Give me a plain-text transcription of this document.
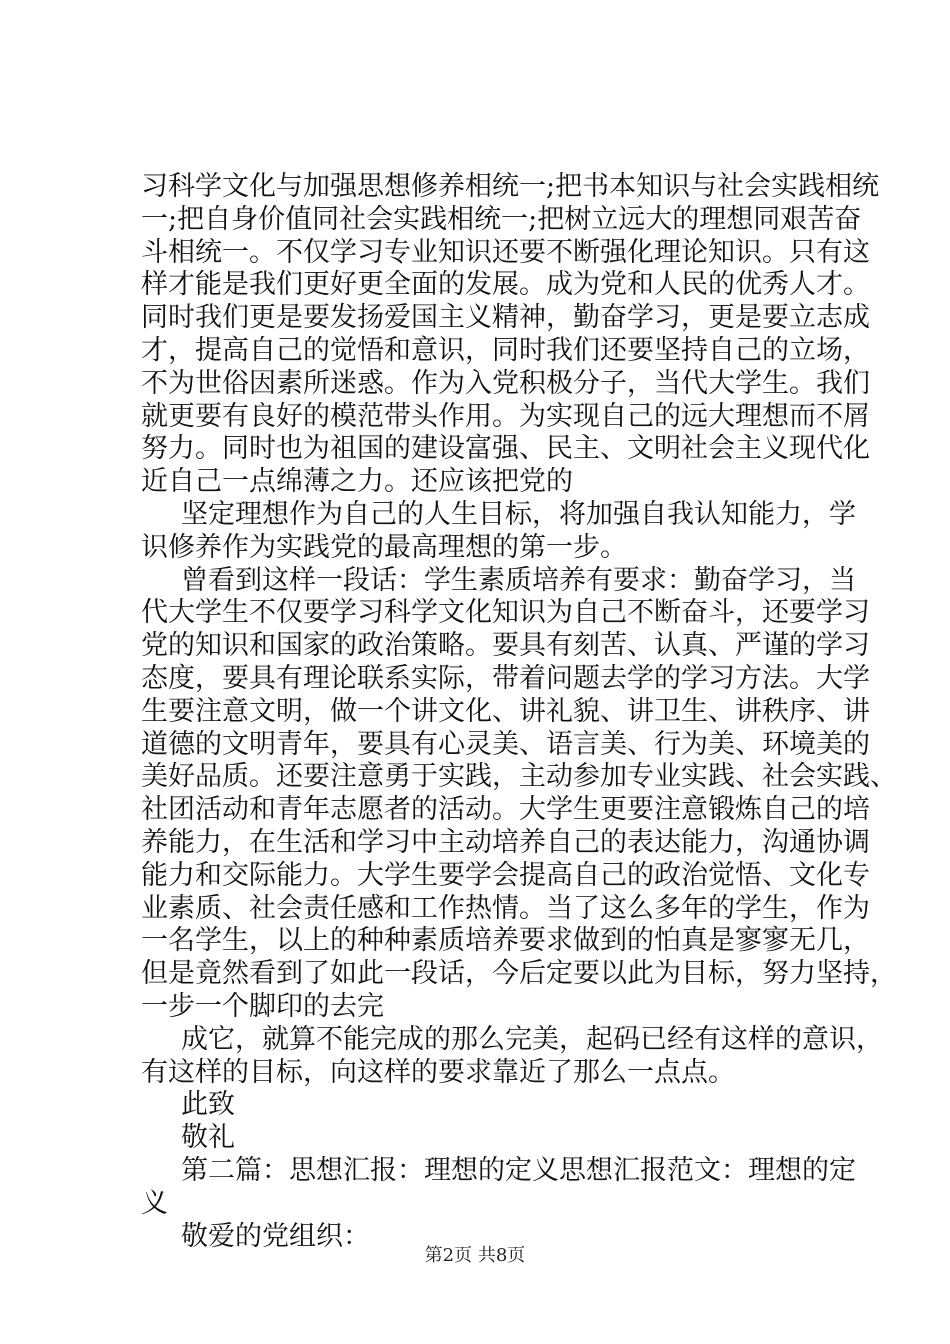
习科学文化与加强思想修养相统一;把书本知识与社会实践相统
一;把自身价值同社会实践相统一;把树立远大的理想同艰苦奋
斗相统一。不仅学习专业知识还要不断强化理论知识。只有这
样才能是我们更好更全面的发展。成为党和人民的优秀人才。
同时我们更是要发扬爱国主义精神，勤奋学习，更是要立志成
才，提高自己的觉悟和意识，同时我们还要坚持自己的立场，
不为世俗因素所迷惑。作为入党积极分子，当代大学生。我们
就更要有良好的模范带头作用。为实现自己的远大理想而不屑
努力。同时也为祖国的建设富强、民主、文明社会主义现代化
近自己一点绵薄之力。还应该把党的
坚定理想作为自己的人生目标，将加强自我认知能力，学
识修养作为实践党的最高理想的第一步。
曾看到这样一段话：学生素质培养有要求：勤奋学习，当
代大学生不仅要学习科学文化知识为自己不断奋斗，还要学习
党的知识和国家的政治策略。要具有刻苦、认真、严谨的学习
态度，要具有理论联系实际，带着问题去学的学习方法。大学
生要注意文明，做一个讲文化、讲礼貌、讲卫生、讲秩序、讲
道德的文明青年，要具有心灵美、语言美、行为美、环境美的
美好品质。还要注意勇于实践，主动参加专业实践、社会实践、
社团活动和青年志愿者的活动。大学生更要注意锻炼自己的培
养能力，在生活和学习中主动培养自己的表达能力，沟通协调
能力和交际能力。大学生要学会提高自己的政治觉悟、文化专
业素质、社会责任感和工作热情。当了这么多年的学生，作为
一名学生，以上的种种素质培养要求做到的怕真是寥寥无几，
但是竟然看到了如此一段话，今后定要以此为目标，努力坚持，
一步一个脚印的去完
成它，就算不能完成的那么完美，起码已经有这样的意识，
有这样的目标，向这样的要求靠近了那么一点点。
此致
敬礼
第二篇：思想汇报：理想的定义思想汇报范文：理想的定
义
敬爱的党组织：
第2页 共8页
